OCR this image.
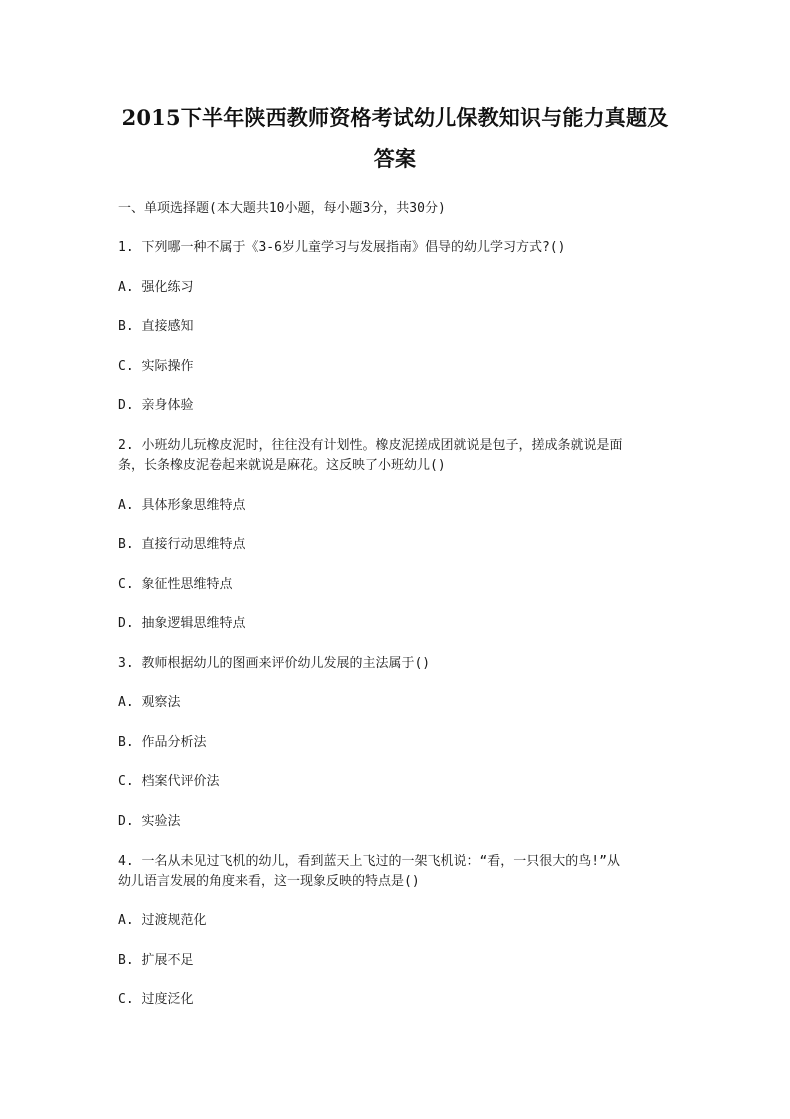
2015下半年陕西教师资格考试幼儿保教知识与能力真题及
答案
一、单项选择题(本大题共10小题，每小题3分，共30分)
1. 下列哪一种不属于《3-6岁儿童学习与发展指南》倡导的幼儿学习方式?()
A. 强化练习
B. 直接感知
C. 实际操作
D. 亲身体验
2. 小班幼儿玩橡皮泥时，往往没有计划性。橡皮泥搓成团就说是包子，搓成条就说是面
条，长条橡皮泥卷起来就说是麻花。这反映了小班幼儿()
A. 具体形象思维特点
B. 直接行动思维特点
C. 象征性思维特点
D. 抽象逻辑思维特点
3. 教师根据幼儿的图画来评价幼儿发展的主法属于()
A. 观察法
B. 作品分析法
C. 档案代评价法
D. 实验法
4. 一名从未见过飞机的幼儿，看到蓝天上飞过的一架飞机说：“看，一只很大的鸟!”从
幼儿语言发展的角度来看，这一现象反映的特点是()
A. 过渡规范化
B. 扩展不足
C. 过度泛化
